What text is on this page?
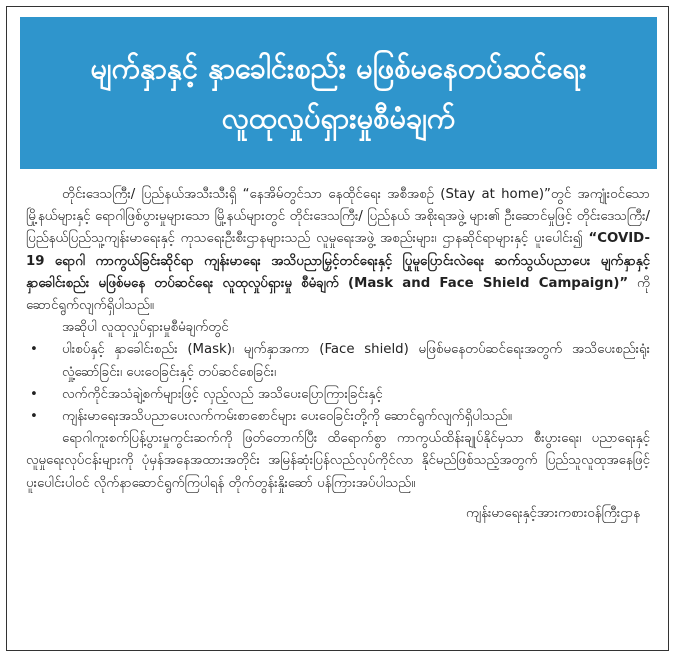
မျက်နှာနှင့် နှာခေါင်းစည်း မဖြစ်မနေတပ်ဆင်ရေး
လူထုလှုပ်ရှားမှုစီမံချက်

တိုင်းဒေသကြီး/ ပြည်နယ်အသီးသီးရှိ “နေအိမ်တွင်သာ နေထိုင်ရေး အစီအစဉ် (Stay at home)”တွင် အကျုံးဝင်သော မြို့နယ်များနှင့် ရောဂါဖြစ်ပွားမှုများသော မြို့နယ်များတွင် တိုင်းဒေသကြီး/ ပြည်နယ် အစိုးရအဖွဲ့ များ၏ ဦးဆောင်မှုဖြင့် တိုင်းဒေသကြီး/ပြည်နယ်ပြည်သူ့ကျန်းမာရေးနှင့် ကုသရေးဦးစီးဌာနများသည် လူမှုရေးအဖွဲ့ အစည်းများ၊ ဌာနဆိုင်ရာများနှင့် ပူးပေါင်း၍ “COVID-19 ရောဂါ ကာကွယ်ခြင်းဆိုင်ရာ ကျန်းမာရေး အသိပညာမြှင့်တင်ရေးနှင့် ပြုမူပြောင်းလဲရေး ဆက်သွယ်ပညာပေး မျက်နှာနှင့် နှာခေါင်းစည်း မဖြစ်မနေ တပ်ဆင်ရေး လူထုလှုပ်ရှားမှု စီမံချက် (Mask and Face Shield Campaign)” ကို ဆောင်ရွက်လျက်ရှိပါသည်။

အဆိုပါ လူထုလှုပ်ရှားမှုစီမံချက်တွင်

• ပါးစပ်နှင့် နှာခေါင်းစည်း (Mask)၊ မျက်နှာအကာ (Face shield) မဖြစ်မနေတပ်ဆင်ရေးအတွက် အသိပေးစည်းရုံး လှုံ့ဆော်ခြင်း၊ ပေးဝေခြင်းနှင့် တပ်ဆင်စေခြင်း၊
• လက်ကိုင်အသံချဲ့စက်များဖြင့် လှည့်လည် အသိပေးပြောကြားခြင်းနှင့်
• ကျန်းမာရေးအသိပညာပေးလက်ကမ်းစာစောင်များ ပေးဝေခြင်းတို့ကို ဆောင်ရွက်လျက်ရှိပါသည်။

ရောဂါကူးစက်ပြန့်ပွားမှုကွင်းဆက်ကို ဖြတ်တောက်ပြီး ထိရောက်စွာ ကာကွယ်ထိန်းချုပ်နိုင်မှသာ စီးပွားရေး၊ ပညာရေးနှင့် လူမှုရေးလုပ်ငန်းများကို ပုံမှန်အနေအထားအတိုင်း အမြန်ဆုံးပြန်လည်လုပ်ကိုင်လာ နိုင်မည်ဖြစ်သည့်အတွက် ပြည်သူလူထုအနေဖြင့် ပူးပေါင်းပါဝင် လိုက်နာဆောင်ရွက်ကြပါရန် တိုက်တွန်းနှိုးဆော် ပန်ကြားအပ်ပါသည်။

ကျန်းမာရေးနှင့်အားကစားဝန်ကြီးဌာန
